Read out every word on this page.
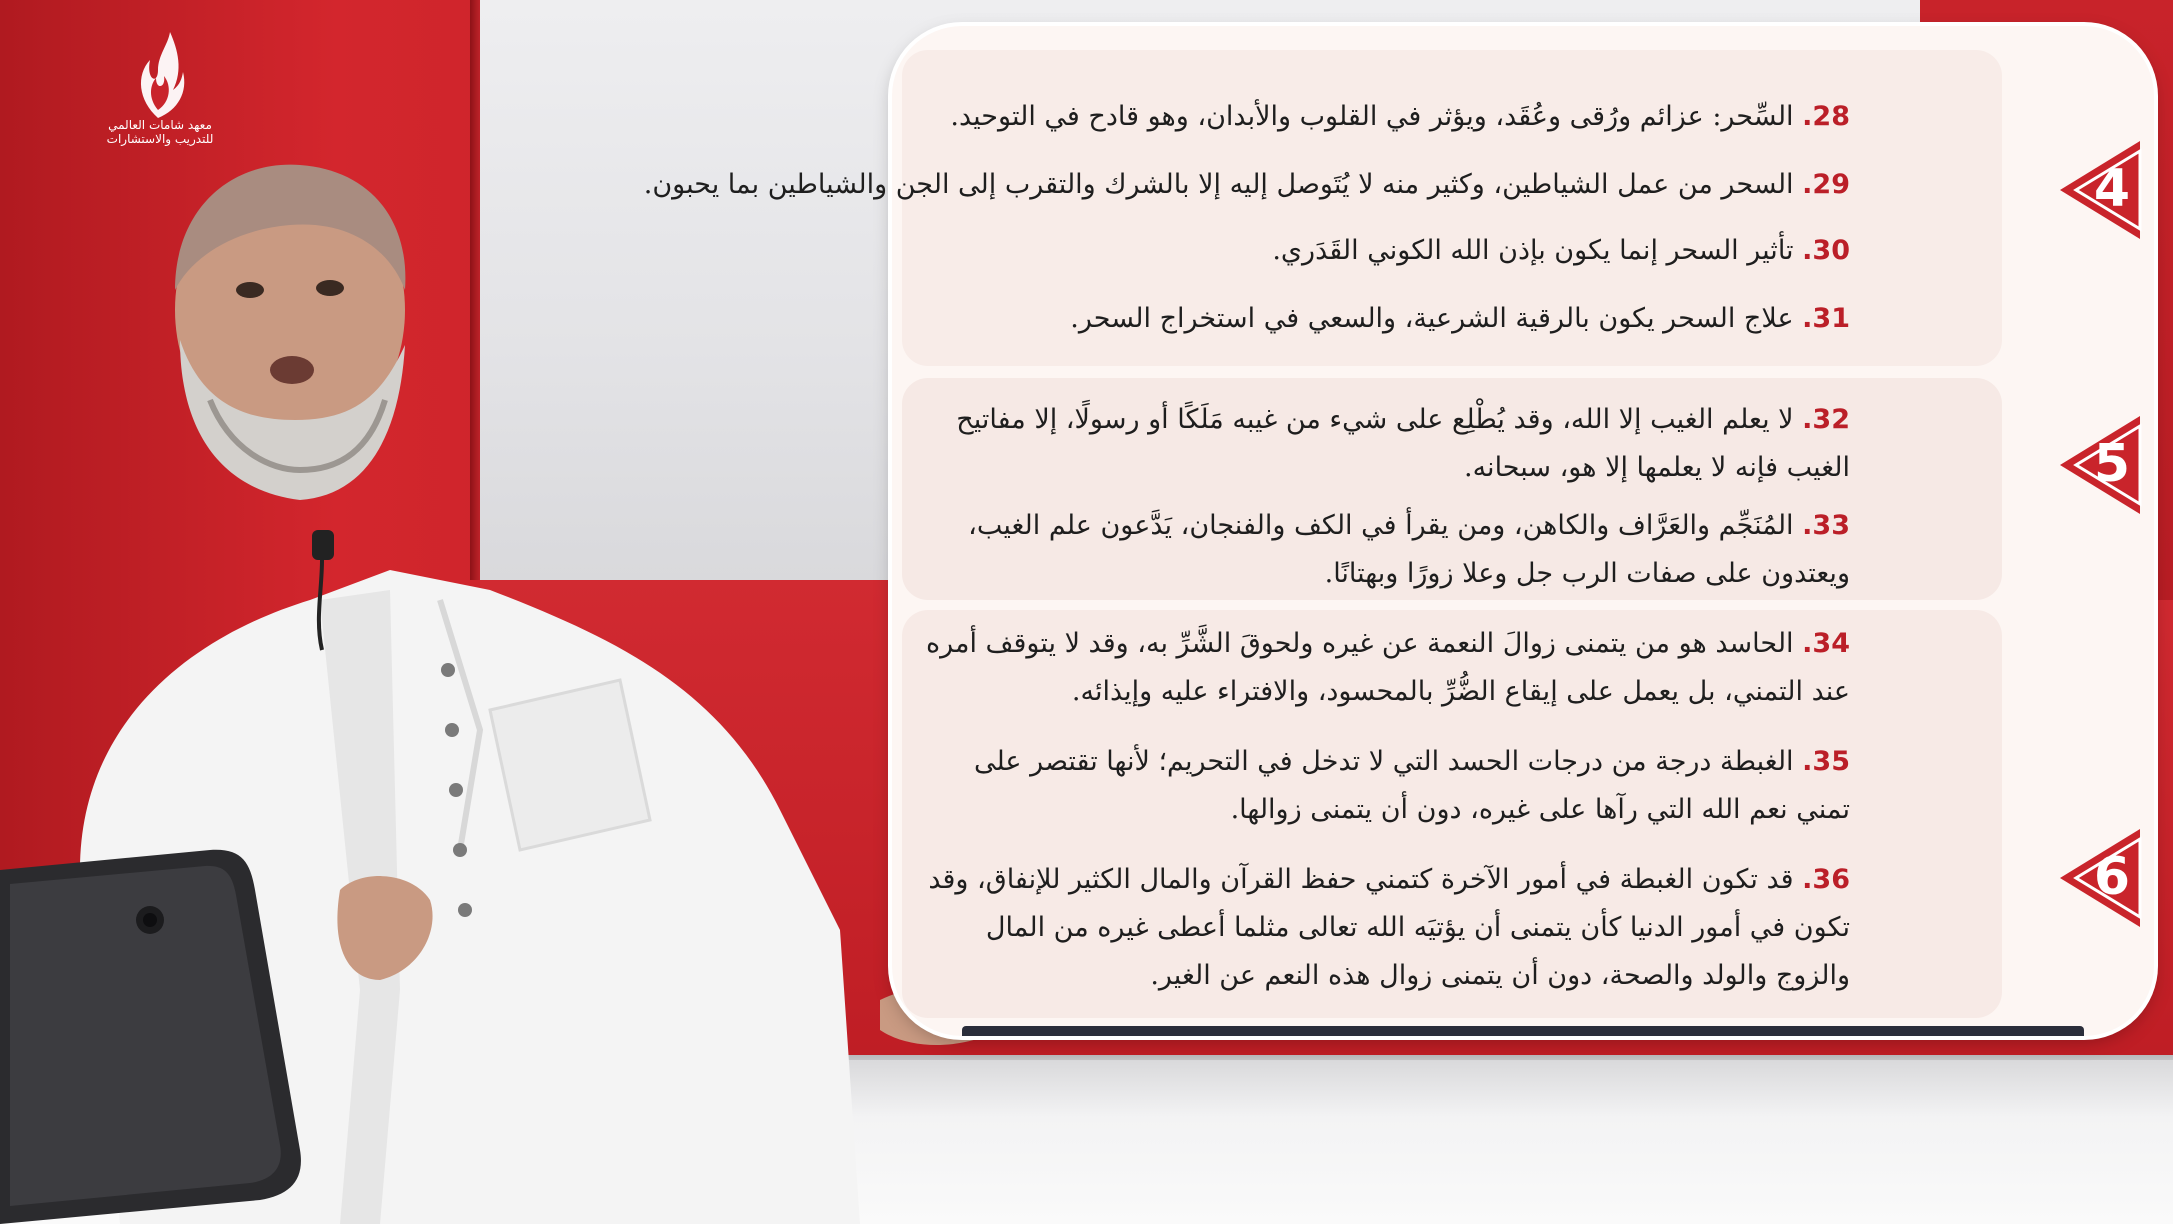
معهد شامات العالمي للتدريب والاستشارات
28. السِّحر: عزائم ورُقى وعُقَد، ويؤثر في القلوب والأبدان، وهو قادح في التوحيد.
29. السحر من عمل الشياطين، وكثير منه لا يُتَوصل إليه إلا بالشرك والتقرب إلى الجن والشياطين بما يحبون.
30. تأثير السحر إنما يكون بإذن الله الكوني القَدَري.
31. علاج السحر يكون بالرقية الشرعية، والسعي في استخراج السحر.
32. لا يعلم الغيب إلا الله، وقد يُطْلِع على شيء من غيبه مَلَكًا أو رسولًا، إلا مفاتيح الغيب فإنه لا يعلمها إلا هو، سبحانه.
33. المُنَجِّم والعَرَّاف والكاهن، ومن يقرأ في الكف والفنجان، يَدَّعون علم الغيب، ويعتدون على صفات الرب جل وعلا زورًا وبهتانًا.
34. الحاسد هو من يتمنى زوالَ النعمة عن غيره ولحوقَ الشَّرِّ به، وقد لا يتوقف أمره عند التمني، بل يعمل على إيقاع الضُّرِّ بالمحسود، والافتراء عليه وإيذائه.
35. الغبطة درجة من درجات الحسد التي لا تدخل في التحريم؛ لأنها تقتصر على تمني نعم الله التي رآها على غيره، دون أن يتمنى زوالها.
36. قد تكون الغبطة في أمور الآخرة كتمني حفظ القرآن والمال الكثير للإنفاق، وقد تكون في أمور الدنيا كأن يتمنى أن يؤتيَه الله تعالى مثلما أعطى غيره من المال والزوج والولد والصحة، دون أن يتمنى زوال هذه النعم عن الغير.
4
5
6
